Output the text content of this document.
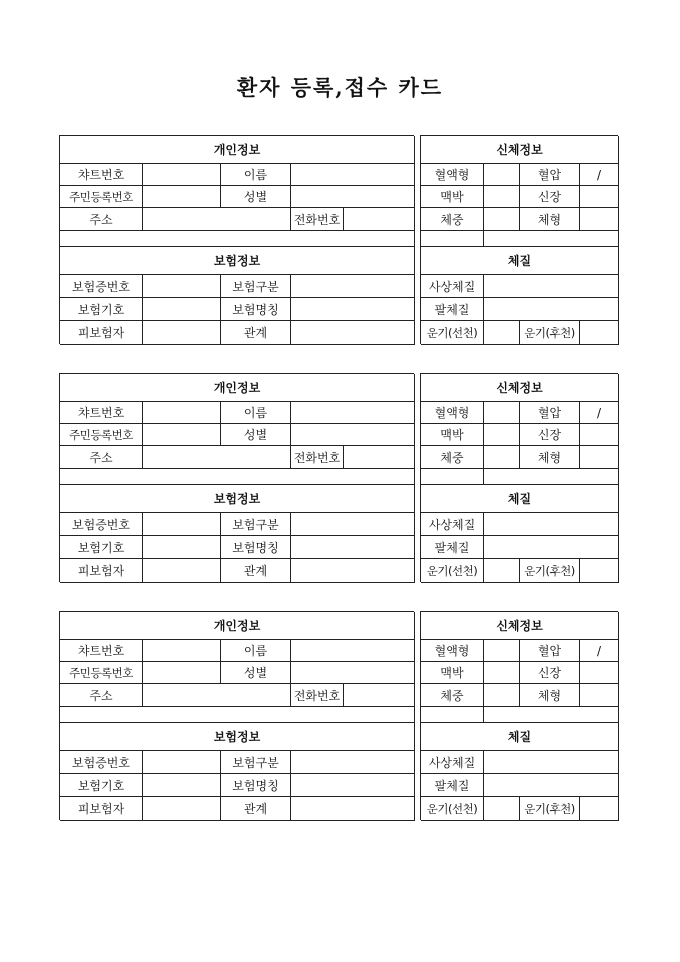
환자 등록,접수 카드
개인정보
챠트번호	이름
주민등록번호	성별
주소	전화번호
보험정보
보험증번호	보험구분
보험기호	보험명칭
피보험자	관계
신체정보
혈액형	혈압	/
맥박	신장
체중	체형
체질
사상체질
팔체질
운기(선천)	운기(후천)
개인정보
챠트번호	이름
주민등록번호	성별
주소	전화번호
보험정보
보험증번호	보험구분
보험기호	보험명칭
피보험자	관계
신체정보
혈액형	혈압	/
맥박	신장
체중	체형
체질
사상체질
팔체질
운기(선천)	운기(후천)
개인정보
챠트번호	이름
주민등록번호	성별
주소	전화번호
보험정보
보험증번호	보험구분
보험기호	보험명칭
피보험자	관계
신체정보
혈액형	혈압	/
맥박	신장
체중	체형
체질
사상체질
팔체질
운기(선천)	운기(후천)
